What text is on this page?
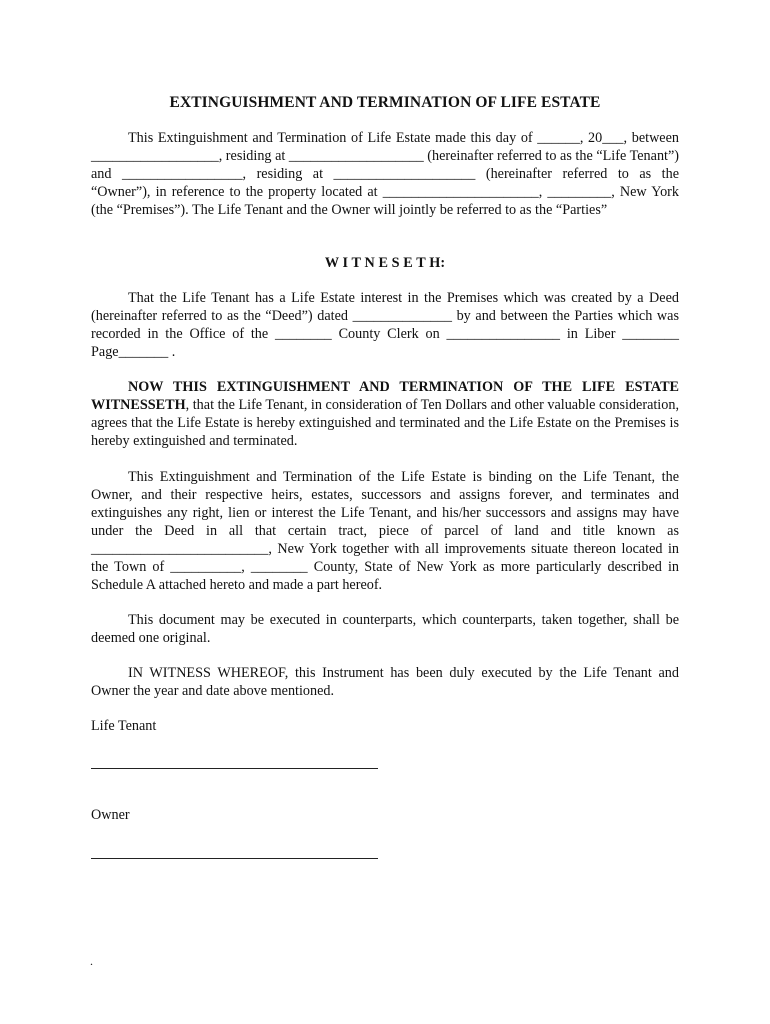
EXTINGUISHMENT AND TERMINATION OF LIFE ESTATE
This Extinguishment and Termination of Life Estate made this day of ______, 20___, between __________________, residing at ___________________ (hereinafter referred to as the “Life Tenant”) and _________________, residing at ____________________ (hereinafter referred to as the “Owner”), in reference to the property located at ______________________, _________, New York (the “Premises”). The Life Tenant and the Owner will jointly be referred to as the “Parties”
W I T N E S E T H:
That the Life Tenant has a Life Estate interest in the Premises which was created by a Deed (hereinafter referred to as the “Deed”) dated ______________ by and between the Parties which was recorded in the Office of the ________ County Clerk on ________________ in Liber ________ Page_______ .
NOW THIS EXTINGUISHMENT AND TERMINATION OF THE LIFE ESTATE WITNESSETH, that the Life Tenant, in consideration of Ten Dollars and other valuable consideration, agrees that the Life Estate is hereby extinguished and terminated and the Life Estate on the Premises is hereby extinguished and terminated.
This Extinguishment and Termination of the Life Estate is binding on the Life Tenant, the Owner, and their respective heirs, estates, successors and assigns forever, and terminates and extinguishes any right, lien or interest the Life Tenant, and his/her successors and assigns may have under the Deed in all that certain tract, piece of parcel of land and title known as _________________________, New York together with all improvements situate thereon located in the Town of __________, ________ County, State of New York as more particularly described in Schedule A attached hereto and made a part hereof.
This document may be executed in counterparts, which counterparts, taken together, shall be deemed one original.
IN WITNESS WHEREOF, this Instrument has been duly executed by the Life Tenant and Owner the year and date above mentioned.
Life Tenant
Owner
.
